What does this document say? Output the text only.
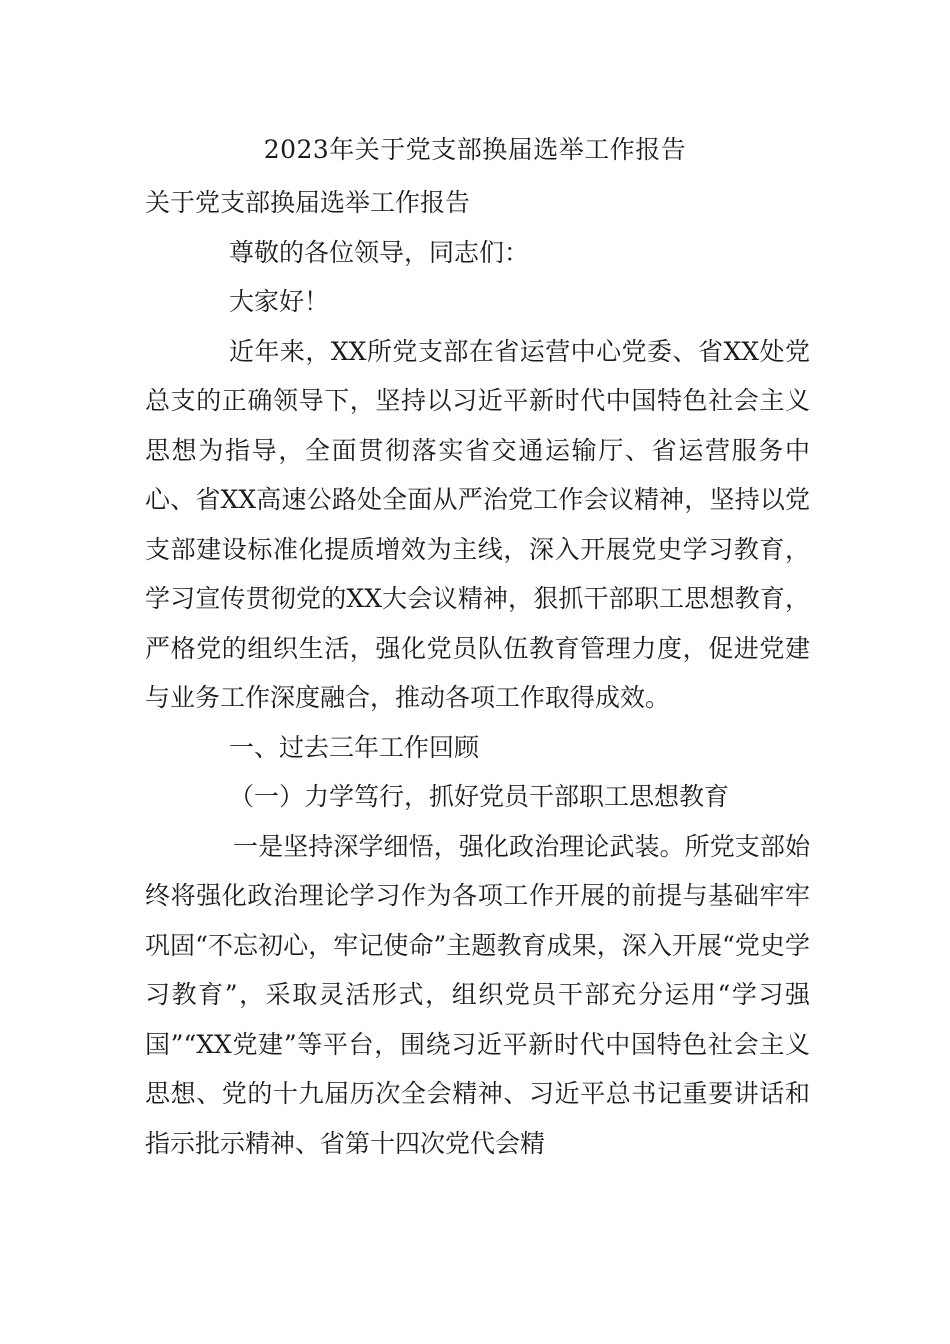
2023年关于党支部换届选举工作报告

关于党支部换届选举工作报告

尊敬的各位领导，同志们：

大家好！

近年来，XX所党支部在省运营中心党委、省XX处党总支的正确领导下，坚持以习近平新时代中国特色社会主义思想为指导，全面贯彻落实省交通运输厅、省运营服务中心、省XX高速公路处全面从严治党工作会议精神，坚持以党支部建设标准化提质增效为主线，深入开展党史学习教育，学习宣传贯彻党的XX大会议精神，狠抓干部职工思想教育，严格党的组织生活，强化党员队伍教育管理力度，促进党建与业务工作深度融合，推动各项工作取得成效。

一、过去三年工作回顾

（一）力学笃行，抓好党员干部职工思想教育

一是坚持深学细悟，强化政治理论武装。所党支部始终将强化政治理论学习作为各项工作开展的前提与基础牢牢巩固“不忘初心，牢记使命”主题教育成果，深入开展“党史学习教育”，采取灵活形式，组织党员干部充分运用“学习强国”“XX党建”等平台，围绕习近平新时代中国特色社会主义思想、党的十九届历次全会精神、习近平总书记重要讲话和指示批示精神、省第十四次党代会精
